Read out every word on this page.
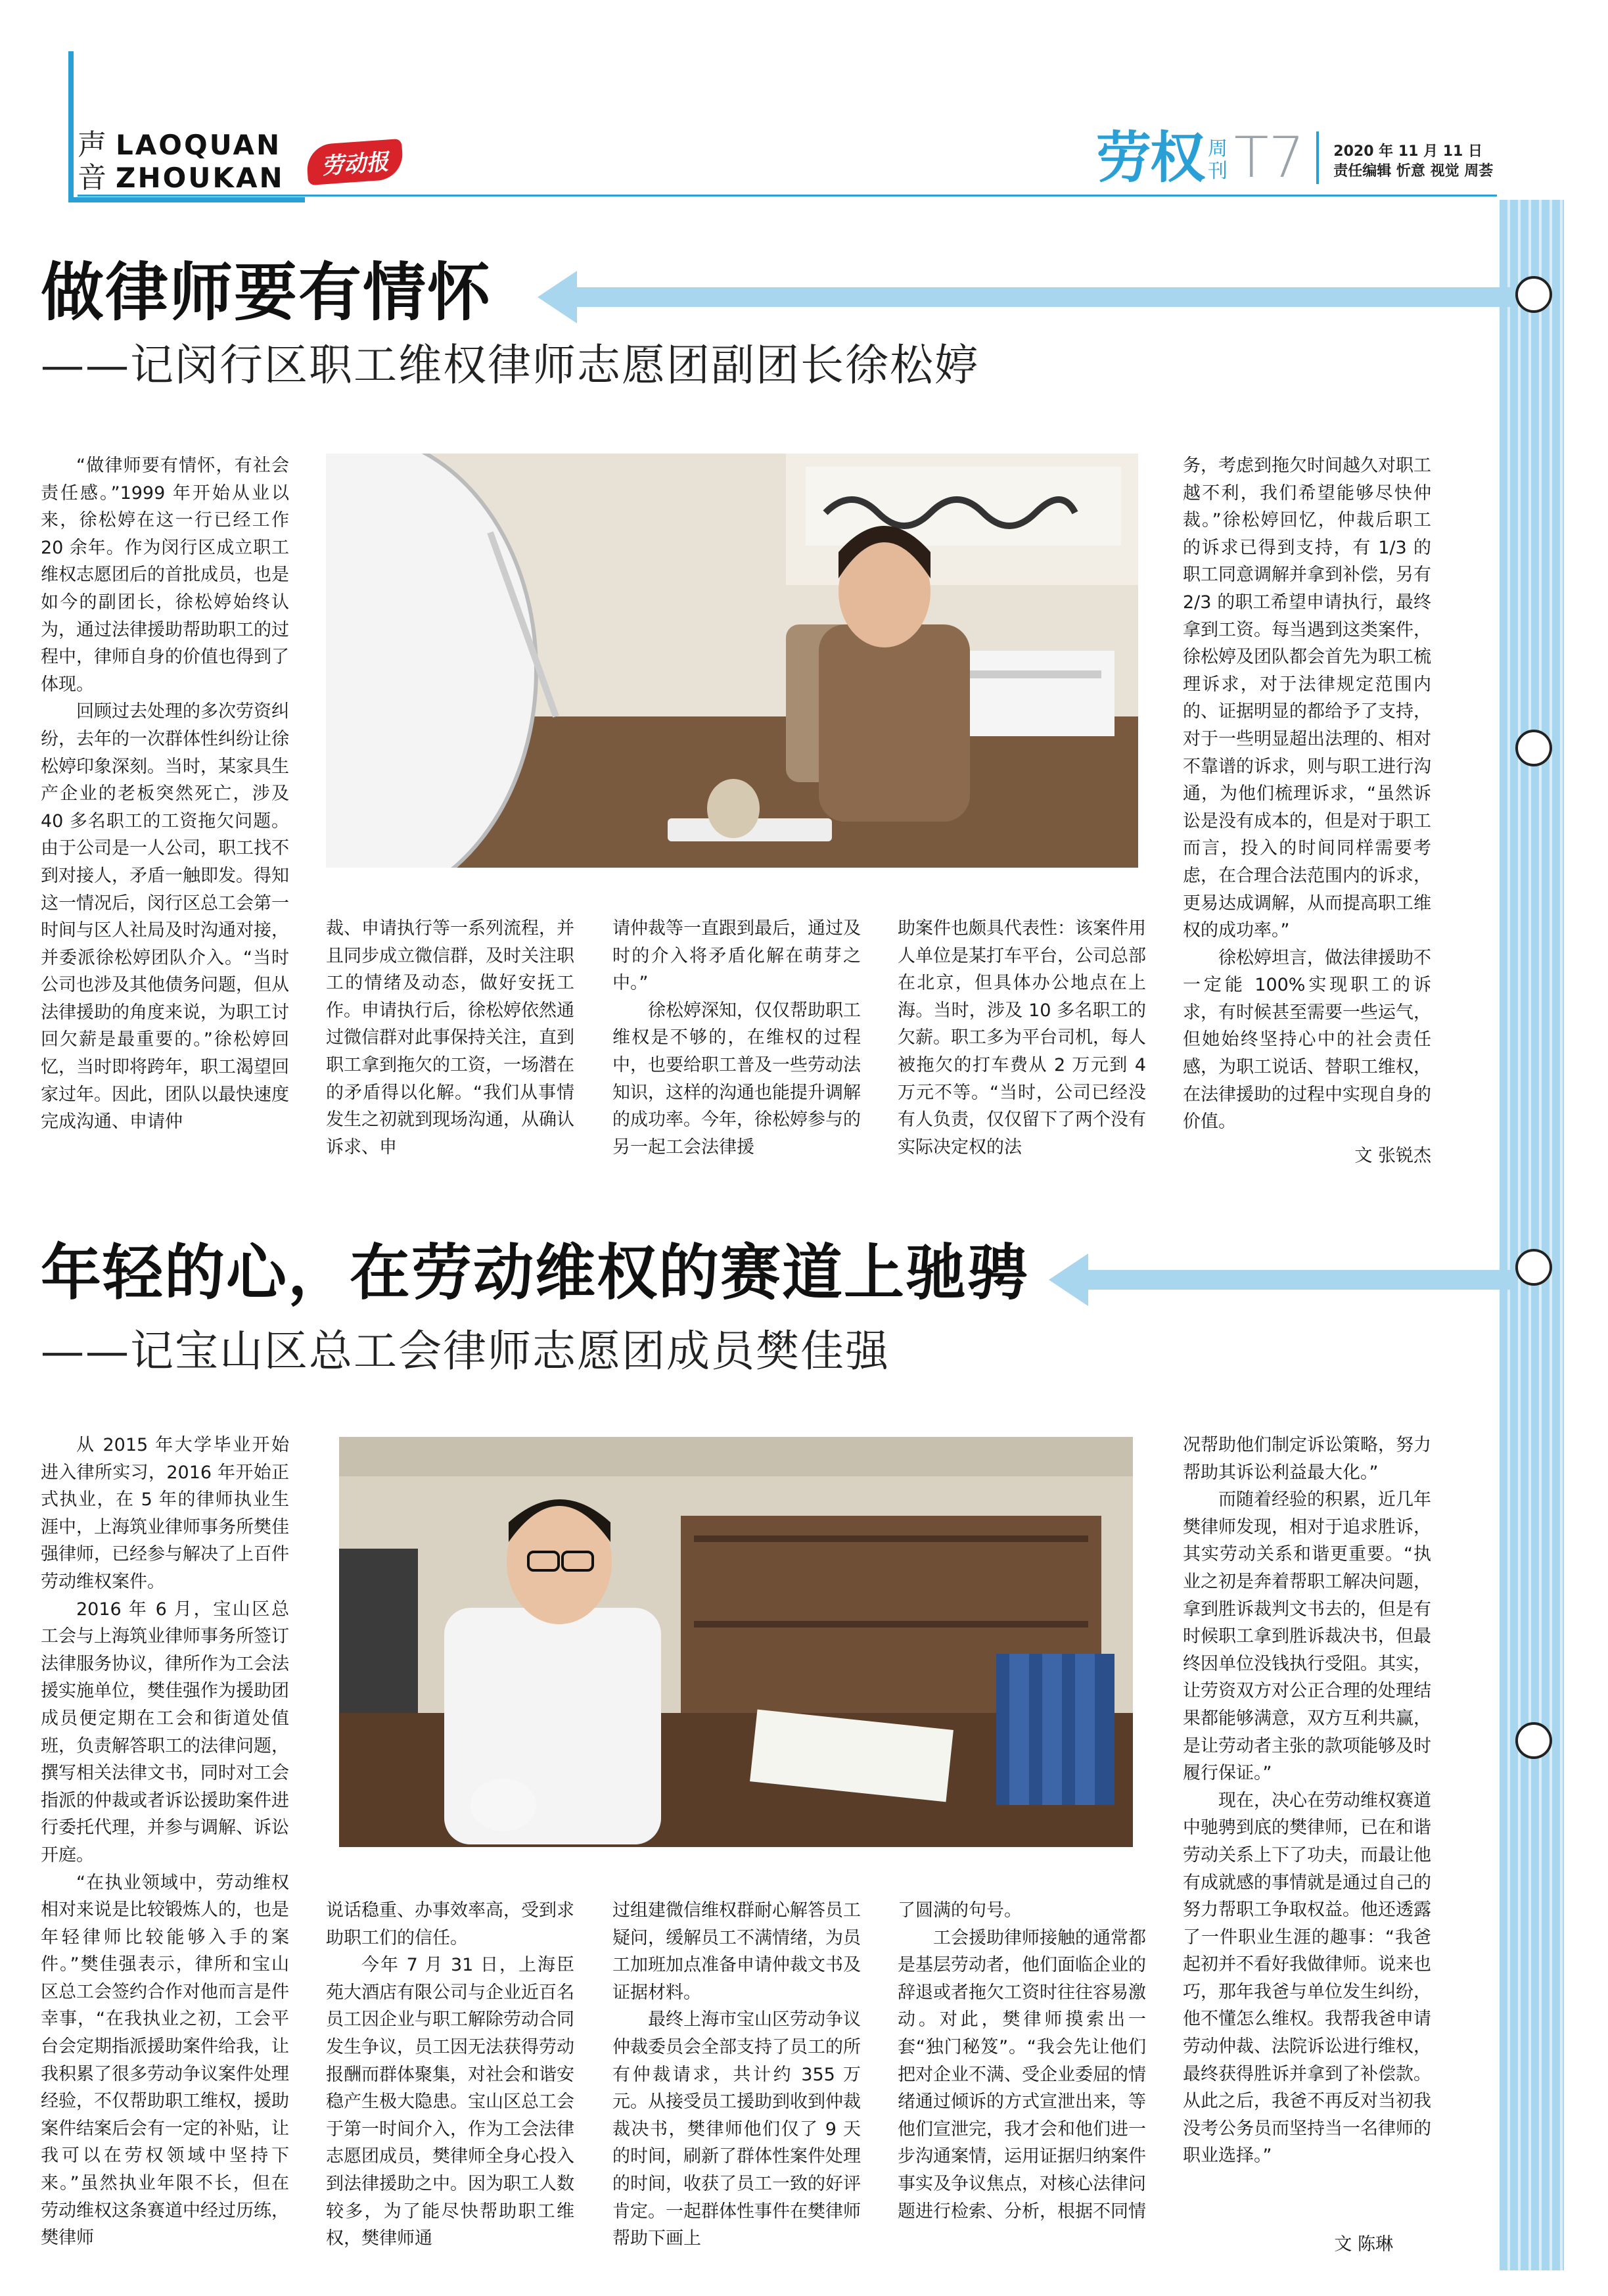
声
音
LAOQUAN
ZHOUKAN	劳动报	劳权 周
刊 T7 2020 年 11 月 11 日
责任编辑 忻意 视觉 周荟
做律师要有情怀
——记闵行区职工维权律师志愿团副团长徐松婷

“做律师要有情怀，有社会责任感。”1999 年开始从业以来，徐松婷在这一行已经工作 20 余年。作为闵行区成立职工维权志愿团后的首批成员，也是如今的副团长，徐松婷始终认为，通过法律援助帮助职工的过程中，律师自身的价值也得到了体现。

回顾过去处理的多次劳资纠纷，去年的一次群体性纠纷让徐松婷印象深刻。当时，某家具生产企业的老板突然死亡，涉及 40 多名职工的工资拖欠问题。由于公司是一人公司，职工找不到对接人，矛盾一触即发。得知这一情况后，闵行区总工会第一时间与区人社局及时沟通对接，并委派徐松婷团队介入。“当时公司也涉及其他债务问题，但从法律援助的角度来说，为职工讨回欠薪是最重要的。”徐松婷回忆，当时即将跨年，职工渴望回家过年。因此，团队以最快速度完成沟通、申请仲

裁、申请执行等一系列流程，并且同步成立微信群，及时关注职工的情绪及动态，做好安抚工作。申请执行后，徐松婷依然通过微信群对此事保持关注，直到职工拿到拖欠的工资，一场潜在的矛盾得以化解。“我们从事情发生之初就到现场沟通，从确认诉求、申

请仲裁等一直跟到最后，通过及时的介入将矛盾化解在萌芽之中。”

徐松婷深知，仅仅帮助职工维权是不够的，在维权的过程中，也要给职工普及一些劳动法知识，这样的沟通也能提升调解的成功率。今年，徐松婷参与的另一起工会法律援

助案件也颇具代表性：该案件用人单位是某打车平台，公司总部在北京，但具体办公地点在上海。当时，涉及 10 多名职工的欠薪。职工多为平台司机，每人被拖欠的打车费从 2 万元到 4 万元不等。“当时，公司已经没有人负责，仅仅留下了两个没有实际决定权的法

务，考虑到拖欠时间越久对职工越不利，我们希望能够尽快仲裁。”徐松婷回忆，仲裁后职工的诉求已得到支持，有 1/3 的职工同意调解并拿到补偿，另有 2/3 的职工希望申请执行，最终拿到工资。每当遇到这类案件，徐松婷及团队都会首先为职工梳理诉求，对于法律规定范围内的、证据明显的都给予了支持，对于一些明显超出法理的、相对不靠谱的诉求，则与职工进行沟通，为他们梳理诉求，“虽然诉讼是没有成本的，但是对于职工而言，投入的时间同样需要考虑，在合理合法范围内的诉求，更易达成调解，从而提高职工维权的成功率。”

徐松婷坦言，做法律援助不一定能 100%实现职工的诉求，有时候甚至需要一些运气，但她始终坚持心中的社会责任感，为职工说话、替职工维权，在法律援助的过程中实现自身的价值。

文 张锐杰
年轻的心，在劳动维权的赛道上驰骋
——记宝山区总工会律师志愿团成员樊佳强

从 2015 年大学毕业开始进入律所实习，2016 年开始正式执业，在 5 年的律师执业生涯中，上海筑业律师事务所樊佳强律师，已经参与解决了上百件劳动维权案件。

2016 年 6 月，宝山区总工会与上海筑业律师事务所签订法律服务协议，律所作为工会法援实施单位，樊佳强作为援助团成员便定期在工会和街道处值班，负责解答职工的法律问题，撰写相关法律文书，同时对工会指派的仲裁或者诉讼援助案件进行委托代理，并参与调解、诉讼开庭。

“在执业领域中，劳动维权相对来说是比较锻炼人的，也是年轻律师比较能够入手的案件。”樊佳强表示，律所和宝山区总工会签约合作对他而言是件幸事，“在我执业之初，工会平台会定期指派援助案件给我，让我积累了很多劳动争议案件处理经验，不仅帮助职工维权，援助案件结案后会有一定的补贴，让我可以在劳权领域中坚持下来。”虽然执业年限不长，但在劳动维权这条赛道中经过历练，樊律师

说话稳重、办事效率高，受到求助职工们的信任。

今年 7 月 31 日，上海臣苑大酒店有限公司与企业近百名员工因企业与职工解除劳动合同发生争议，员工因无法获得劳动报酬而群体聚集，对社会和谐安稳产生极大隐患。宝山区总工会于第一时间介入，作为工会法律志愿团成员，樊律师全身心投入到法律援助之中。因为职工人数较多，为了能尽快帮助职工维权，樊律师通

过组建微信维权群耐心解答员工疑问，缓解员工不满情绪，为员工加班加点准备申请仲裁文书及证据材料。

最终上海市宝山区劳动争议仲裁委员会全部支持了员工的所有仲裁请求，共计约 355 万元。从接受员工援助到收到仲裁裁决书，樊律师他们仅了 9 天的时间，刷新了群体性案件处理的时间，收获了员工一致的好评肯定。一起群体性事件在樊律师帮助下画上

了圆满的句号。

工会援助律师接触的通常都是基层劳动者，他们面临企业的辞退或者拖欠工资时往往容易激动。对此，樊律师摸索出一套“独门秘笈”。“我会先让他们把对企业不满、受企业委屈的情绪通过倾诉的方式宣泄出来，等他们宣泄完，我才会和他们进一步沟通案情，运用证据归纳案件事实及争议焦点，对核心法律问题进行检索、分析，根据不同情

况帮助他们制定诉讼策略，努力帮助其诉讼利益最大化。”

而随着经验的积累，近几年樊律师发现，相对于追求胜诉，其实劳动关系和谐更重要。“执业之初是奔着帮职工解决问题，拿到胜诉裁判文书去的，但是有时候职工拿到胜诉裁决书，但最终因单位没钱执行受阻。其实，让劳资双方对公正合理的处理结果都能够满意，双方互利共赢，是让劳动者主张的款项能够及时履行保证。”

现在，决心在劳动维权赛道中驰骋到底的樊律师，已在和谐劳动关系上下了功夫，而最让他有成就感的事情就是通过自己的努力帮职工争取权益。他还透露了一件职业生涯的趣事：“我爸起初并不看好我做律师。说来也巧，那年我爸与单位发生纠纷，他不懂怎么维权。我帮我爸申请劳动仲裁、法院诉讼进行维权，最终获得胜诉并拿到了补偿款。从此之后，我爸不再反对当初我没考公务员而坚持当一名律师的职业选择。”

文 陈琳
